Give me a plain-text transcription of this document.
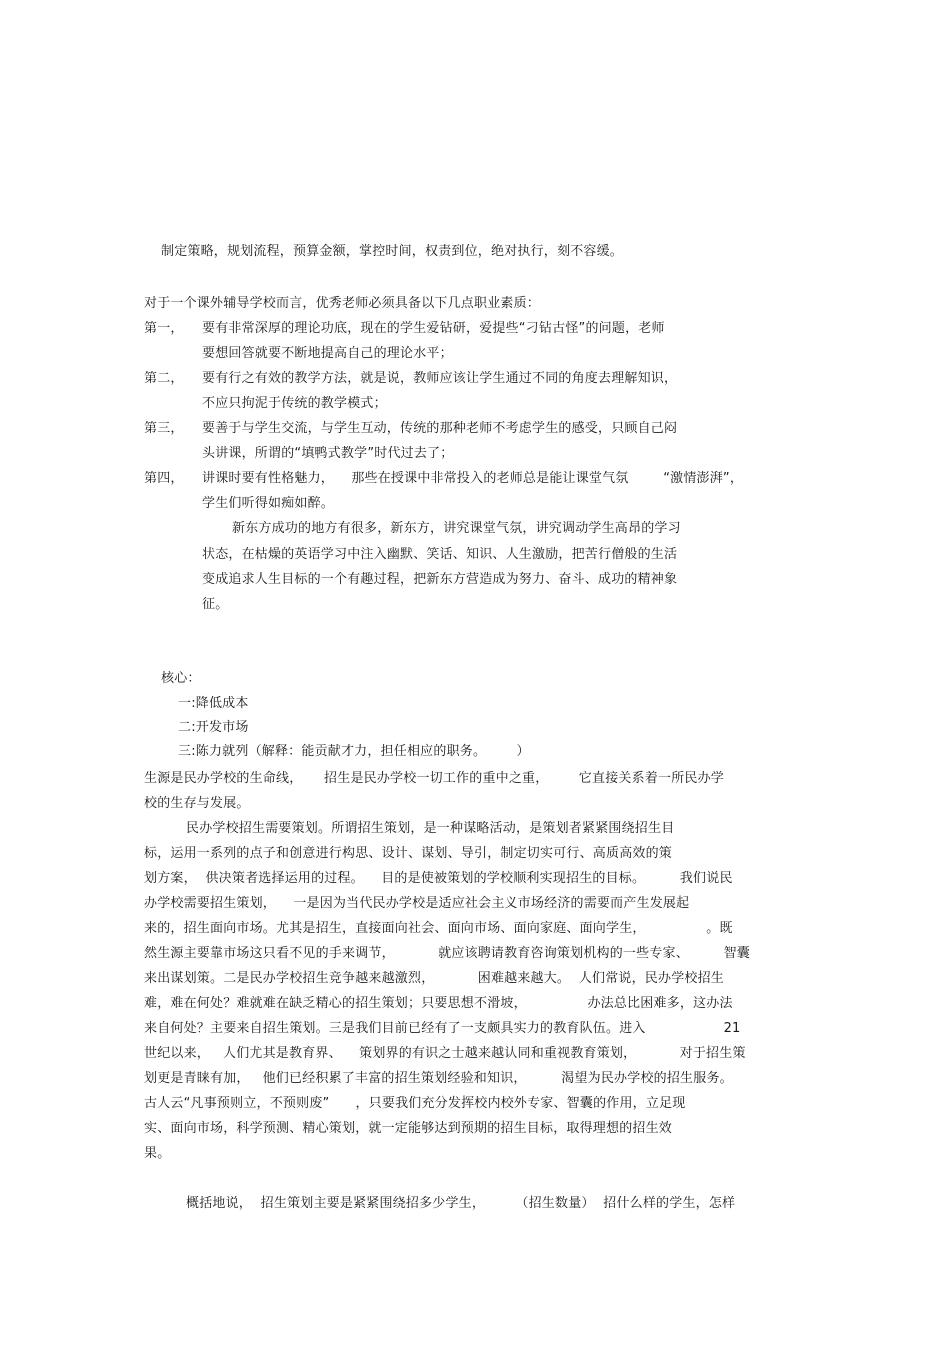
制定策略，规划流程，预算金额，掌控时间，权责到位，绝对执行，刻不容缓。
对于一个课外辅导学校而言，优秀老师必须具备以下几点职业素质：
第一， 要有非常深厚的理论功底，现在的学生爱钻研，爱提些“刁钻古怪”的问题，老师
要想回答就要不断地提高自己的理论水平；
第二， 要有行之有效的教学方法，就是说，教师应该让学生通过不同的角度去理解知识，
不应只拘泥于传统的教学模式；
第三， 要善于与学生交流，与学生互动，传统的那种老师不考虑学生的感受，只顾自己闷
头讲课，所谓的“填鸭式教学”时代过去了；
第四， 讲课时要有性格魅力，    那些在授课中非常投入的老师总是能让课堂气氛        “激情澎湃”，
学生们听得如痴如醉。
新东方成功的地方有很多，新东方，讲究课堂气氛，讲究调动学生高昂的学习
状态，在枯燥的英语学习中注入幽默、笑话、知识、人生激励，把苦行僧般的生活
变成追求人生目标的一个有趣过程，把新东方营造成为努力、奋斗、成功的精神象
征。
核心：
一:降低成本
二:开发市场
三:陈力就列（解释：能贡献才力，担任相应的职务。       ）
生源是民办学校的生命线，     招生是民办学校一切工作的重中之重，       它直接关系着一所民办学
校的生存与发展。
民办学校招生需要策划。所谓招生策划，是一种谋略活动，是策划者紧紧围绕招生目
标，运用一系列的点子和创意进行构思、设计、谋划、导引，制定切实可行、高质高效的策
划方案，  供决策者选择运用的过程。    目的是使被策划的学校顺利实现招生的目标。        我们说民
办学校需要招生策划，    一是因为当代民办学校是适应社会主义市场经济的需要而产生发展起
来的，招生面向市场。尤其是招生，直接面向社会、面向市场、面向家庭、面向学生，              。既
然生源主要靠市场这只看不见的手来调节，          就应该聘请教育咨询策划机构的一些专家、        智囊
来出谋划策。二是民办学校招生竞争越来越激烈，          困难越来越大。  人们常说，民办学校招生
难，难在何处？难就难在缺乏精心的招生策划；只要思想不滑坡，              办法总比困难多，这办法
来自何处？主要来自招生策划。三是我们目前已经有了一支颇具实力的教育队伍。进入                  21
世纪以来，   人们尤其是教育界、    策划界的有识之士越来越认同和重视教育策划，          对于招生策
划更是青睐有加，   他们已经积累了丰富的招生策划经验和知识，        渴望为民办学校的招生服务。
古人云“凡事预则立，不预则废”      ，只要我们充分发挥校内校外专家、智囊的作用，立足现
实、面向市场，科学预测、精心策划，就一定能够达到预期的招生目标，取得理想的招生效
果。
概括地说，  招生策划主要是紧紧围绕招多少学生，       （招生数量）  招什么样的学生，怎样
